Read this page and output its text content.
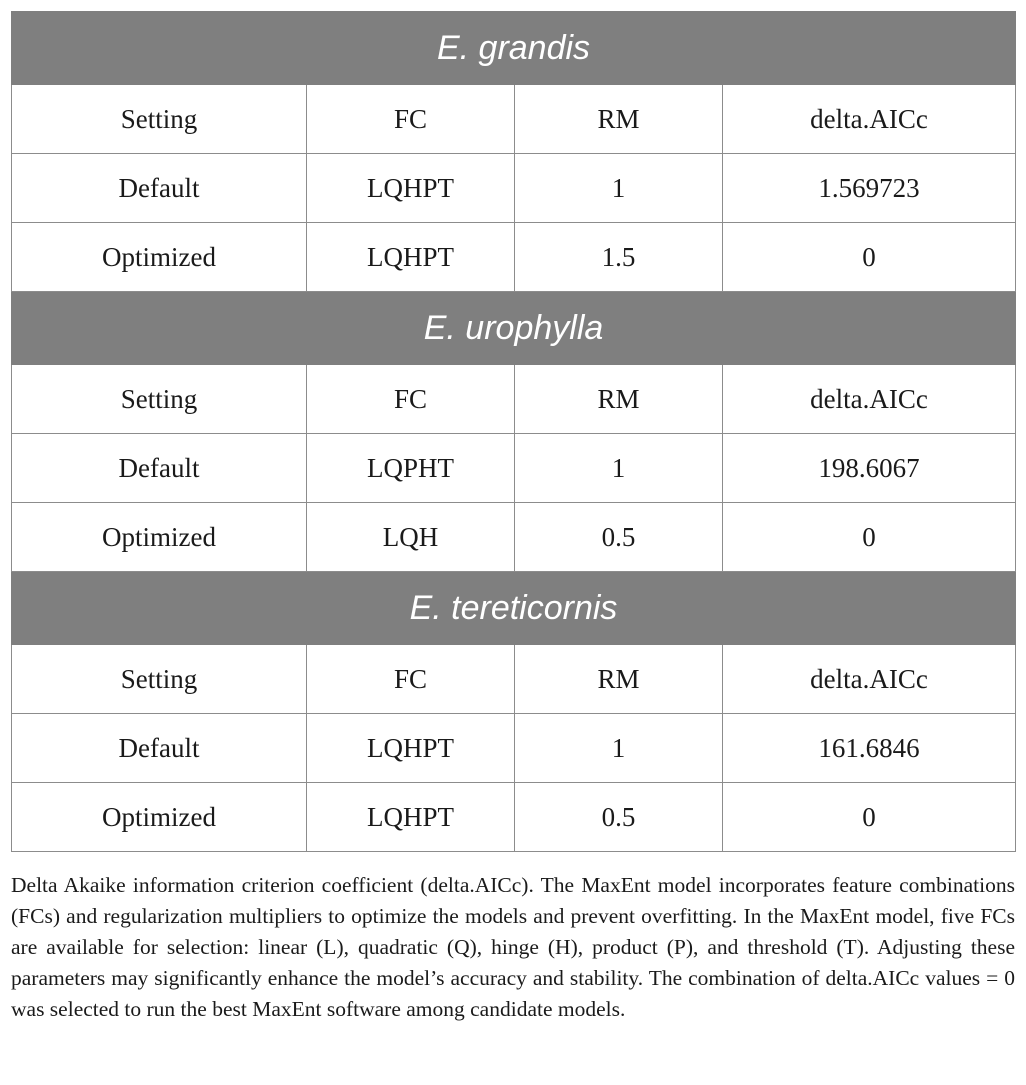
E. grandis			
Setting	FC	RM	delta.AICc
Default	LQHPT	1	1.569723
Optimized	LQHPT	1.5	0
E. urophylla			
Setting	FC	RM	delta.AICc
Default	LQPHT	1	198.6067
Optimized	LQH	0.5	0
E. tereticornis			
Setting	FC	RM	delta.AICc
Default	LQHPT	1	161.6846
Optimized	LQHPT	0.5	0

Delta Akaike information criterion coefficient (delta.AICc). The MaxEnt model incorporates feature combinations (FCs) and regularization multipliers to optimize the models and prevent overfitting. In the MaxEnt model, five FCs are available for selection: linear (L), quadratic (Q), hinge (H), product (P), and threshold (T). Adjusting these parameters may significantly enhance the model’s accuracy and stability. The combination of delta.AICc values = 0 was selected to run the best MaxEnt software among candidate models.
